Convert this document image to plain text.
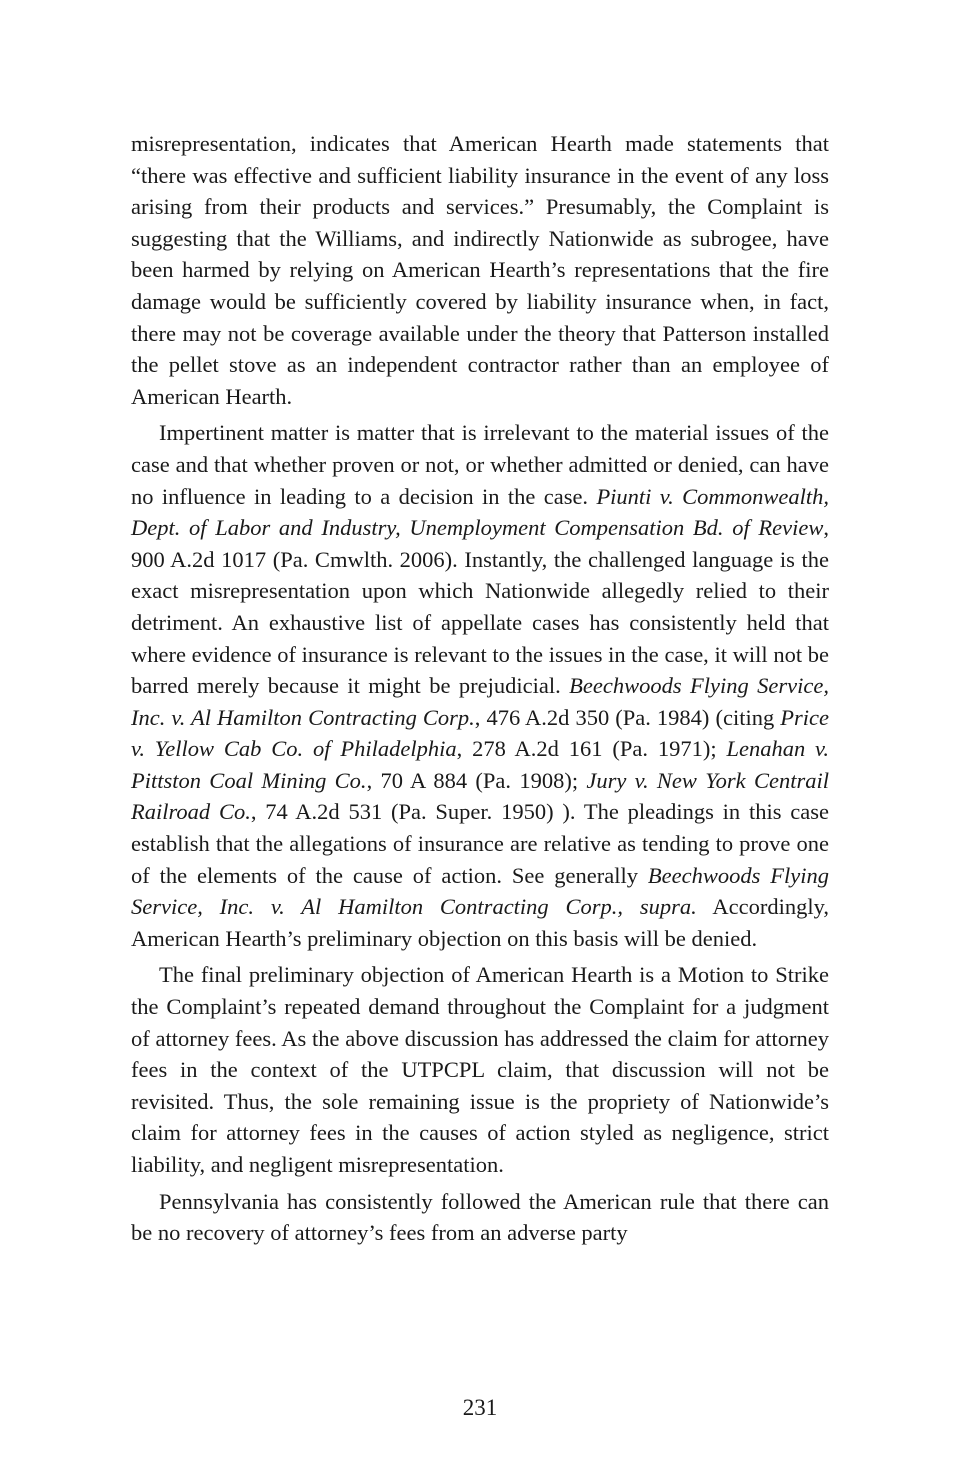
misrepresentation, indicates that American Hearth made statements that “there was effective and sufficient liability insurance in the event of any loss arising from their products and services.” Presumably, the Complaint is suggesting that the Williams, and indirectly Nationwide as subrogee, have been harmed by relying on American Hearth’s representations that the fire damage would be sufficiently covered by liability insurance when, in fact, there may not be coverage available under the theory that Patterson installed the pellet stove as an independent contractor rather than an employee of American Hearth.

Impertinent matter is matter that is irrelevant to the material issues of the case and that whether proven or not, or whether admitted or denied, can have no influence in leading to a decision in the case. Piunti v. Commonwealth, Dept. of Labor and Industry, Unemployment Compensation Bd. of Review, 900 A.2d 1017 (Pa. Cmwlth. 2006). Instantly, the challenged language is the exact misrepresentation upon which Nationwide allegedly relied to their detriment. An exhaustive list of appellate cases has consistently held that where evidence of insurance is relevant to the issues in the case, it will not be barred merely because it might be prejudicial. Beechwoods Flying Service, Inc. v. Al Hamilton Contracting Corp., 476 A.2d 350 (Pa. 1984) (citing Price v. Yellow Cab Co. of Philadelphia, 278 A.2d 161 (Pa. 1971); Lenahan v. Pittston Coal Mining Co., 70 A 884 (Pa. 1908); Jury v. New York Centrail Railroad Co., 74 A.2d 531 (Pa. Super. 1950) ). The pleadings in this case establish that the allegations of insurance are relative as tending to prove one of the elements of the cause of action. See generally Beechwoods Flying Service, Inc. v. Al Hamilton Contracting Corp., supra. Accordingly, American Hearth’s preliminary objection on this basis will be denied.

The final preliminary objection of American Hearth is a Motion to Strike the Complaint’s repeated demand throughout the Complaint for a judgment of attorney fees. As the above discussion has addressed the claim for attorney fees in the context of the UTPCPL claim, that discussion will not be revisited. Thus, the sole remaining issue is the propriety of Nationwide’s claim for attorney fees in the causes of action styled as negligence, strict liability, and negligent misrepresentation.

Pennsylvania has consistently followed the American rule that there can be no recovery of attorney’s fees from an adverse party

231
